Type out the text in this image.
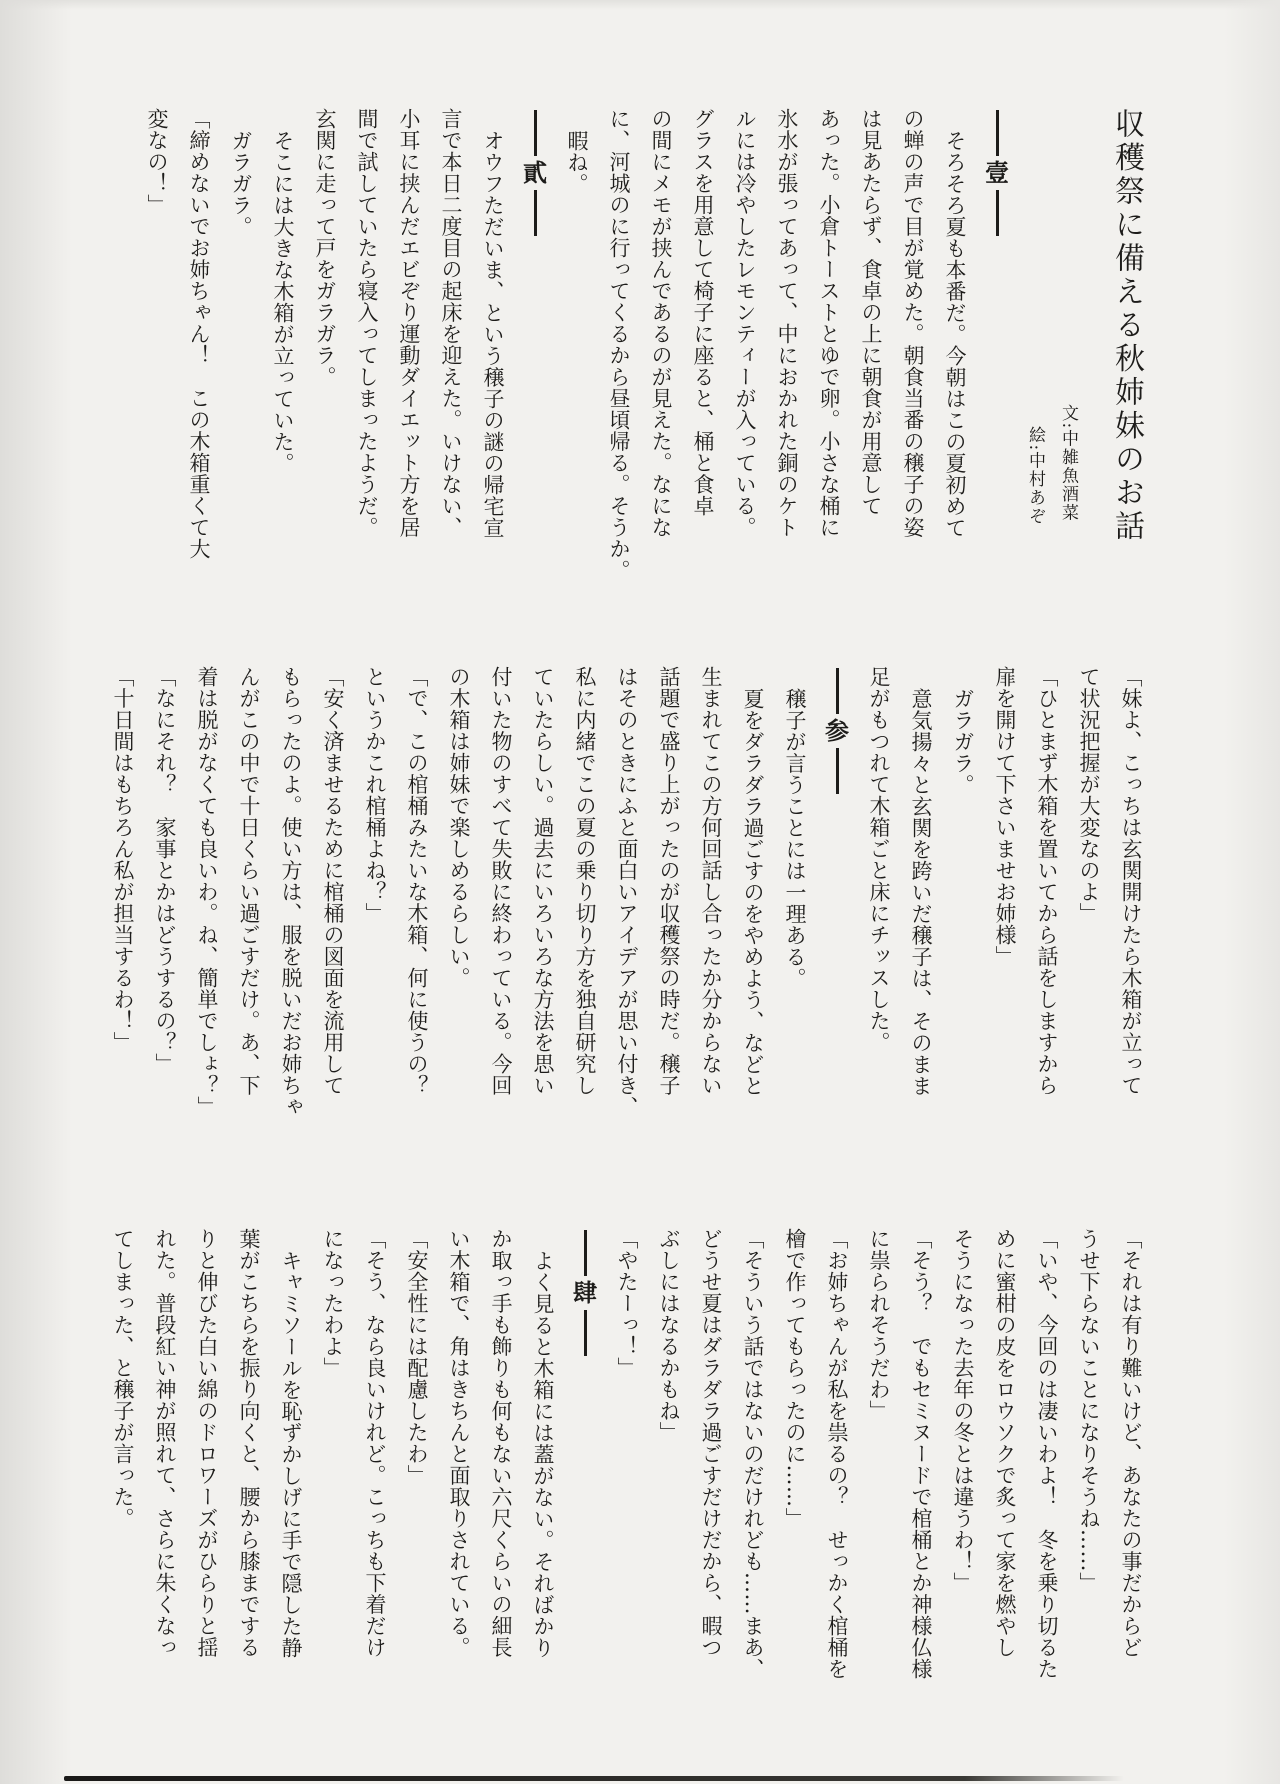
収穫祭に備える秋姉妹のお話
文:中雑魚酒菜
絵:中村あぞ
壹
そろそろ夏も本番だ。今朝はこの夏初めて
の蝉の声で目が覚めた。朝食当番の穣子の姿
は見あたらず、食卓の上に朝食が用意して
あった。小倉トーストとゆで卵。小さな桶に
氷水が張ってあって、中におかれた銅のケト
ルには冷やしたレモンティーが入っている。
グラスを用意して椅子に座ると、桶と食卓
の間にメモが挟んであるのが見えた。なにな
に、河城のに行ってくるから昼頃帰る。そうか。
暇ね。
貳
オウフただいま、という穣子の謎の帰宅宣
言で本日二度目の起床を迎えた。いけない、
小耳に挟んだエビぞり運動ダイエット方を居
間で試していたら寝入ってしまったようだ。
玄関に走って戸をガラガラ。
そこには大きな木箱が立っていた。
ガラガラ。
「締めないでお姉ちゃん！　この木箱重くて大
変なの！」
「妹よ、こっちは玄関開けたら木箱が立って
て状況把握が大変なのよ」
「ひとまず木箱を置いてから話をしますから
扉を開けて下さいませお姉様」
ガラガラ。
意気揚々と玄関を跨いだ穣子は、そのまま
足がもつれて木箱ごと床にチッスした。
参
穣子が言うことには一理ある。
夏をダラダラ過ごすのをやめよう、などと
生まれてこの方何回話し合ったか分からない
話題で盛り上がったのが収穫祭の時だ。穣子
はそのときにふと面白いアイデアが思い付き、
私に内緒でこの夏の乗り切り方を独自研究し
ていたらしい。過去にいろいろな方法を思い
付いた物のすべて失敗に終わっている。今回
の木箱は姉妹で楽しめるらしい。
「で、この棺桶みたいな木箱、何に使うの？
というかこれ棺桶よね？」
「安く済ませるために棺桶の図面を流用して
もらったのよ。使い方は、服を脱いだお姉ちゃ
んがこの中で十日くらい過ごすだけ。あ、下
着は脱がなくても良いわ。ね、簡単でしょ？」
「なにそれ？　家事とかはどうするの？」
「十日間はもちろん私が担当するわ！」
「それは有り難いけど、あなたの事だからど
うせ下らないことになりそうね……」
「いや、今回のは凄いわよ！　冬を乗り切るた
めに蜜柑の皮をロウソクで炙って家を燃やし
そうになった去年の冬とは違うわ！」
「そう？　でもセミヌードで棺桶とか神様仏様
に祟られそうだわ」
「お姉ちゃんが私を祟るの？　せっかく棺桶を
檜で作ってもらったのに……」
「そういう話ではないのだけれども……まあ、
どうせ夏はダラダラ過ごすだけだから、暇つ
ぶしにはなるかもね」
「やたーっ！」
肆
よく見ると木箱には蓋がない。そればかり
か取っ手も飾りも何もない六尺くらいの細長
い木箱で、角はきちんと面取りされている。
「安全性には配慮したわ」
「そう、なら良いけれど。こっちも下着だけ
になったわよ」
キャミソールを恥ずかしげに手で隠した静
葉がこちらを振り向くと、腰から膝までする
りと伸びた白い綿のドロワーズがひらりと揺
れた。普段紅い神が照れて、さらに朱くなっ
てしまった、と穣子が言った。
